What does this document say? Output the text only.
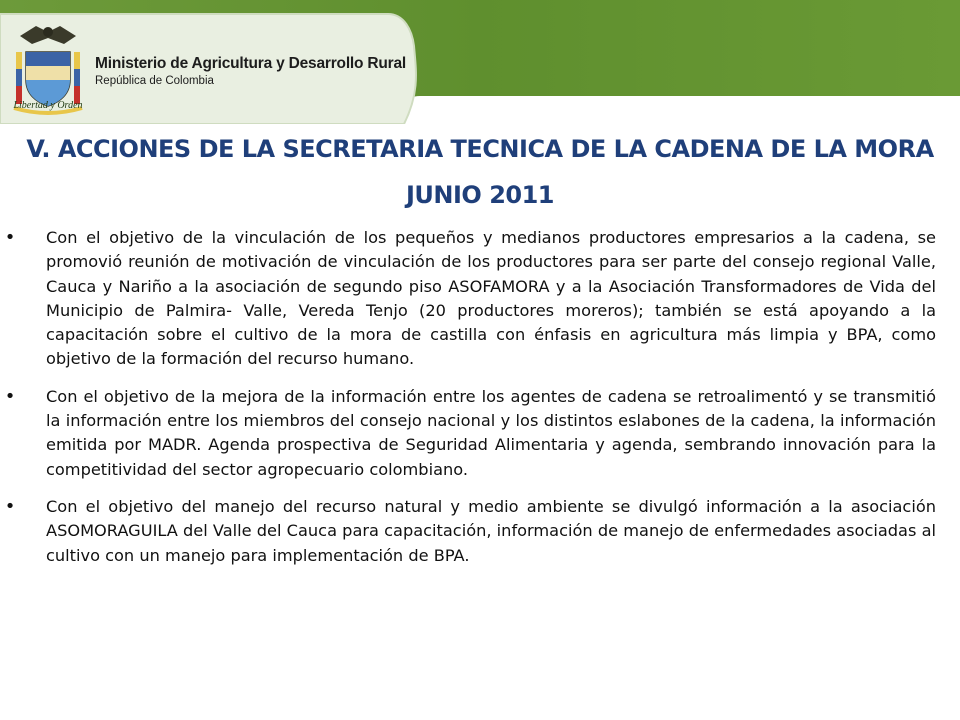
Libertad y Orden
Ministerio de Agricultura y Desarrollo Rural
República de Colombia
V. ACCIONES DE LA SECRETARIA TECNICA DE LA CADENA DE LA MORA JUNIO 2011
• Con el objetivo de la vinculación de los pequeños y medianos productores empresarios a la cadena, se promovió reunión de motivación de vinculación de los productores para ser parte del consejo regional Valle, Cauca y Nariño a la asociación de segundo piso ASOFAMORA y a la Asociación Transformadores de Vida del Municipio de Palmira- Valle, Vereda Tenjo (20 productores moreros); también se está apoyando a la capacitación sobre el cultivo de la mora de castilla con énfasis en agricultura más limpia y BPA, como objetivo de la formación del recurso humano.
• Con el objetivo de la mejora de la información entre los agentes de cadena se retroalimentó y se transmitió la información entre los miembros del consejo nacional y los distintos eslabones de la cadena, la información emitida por MADR. Agenda prospectiva de Seguridad Alimentaria y agenda, sembrando innovación para la competitividad del sector agropecuario colombiano.
• Con el objetivo del manejo del recurso natural y medio ambiente se divulgó información a la asociación ASOMORAGUILA del Valle del Cauca para capacitación, información de manejo de enfermedades asociadas al cultivo con un manejo para implementación de BPA.
